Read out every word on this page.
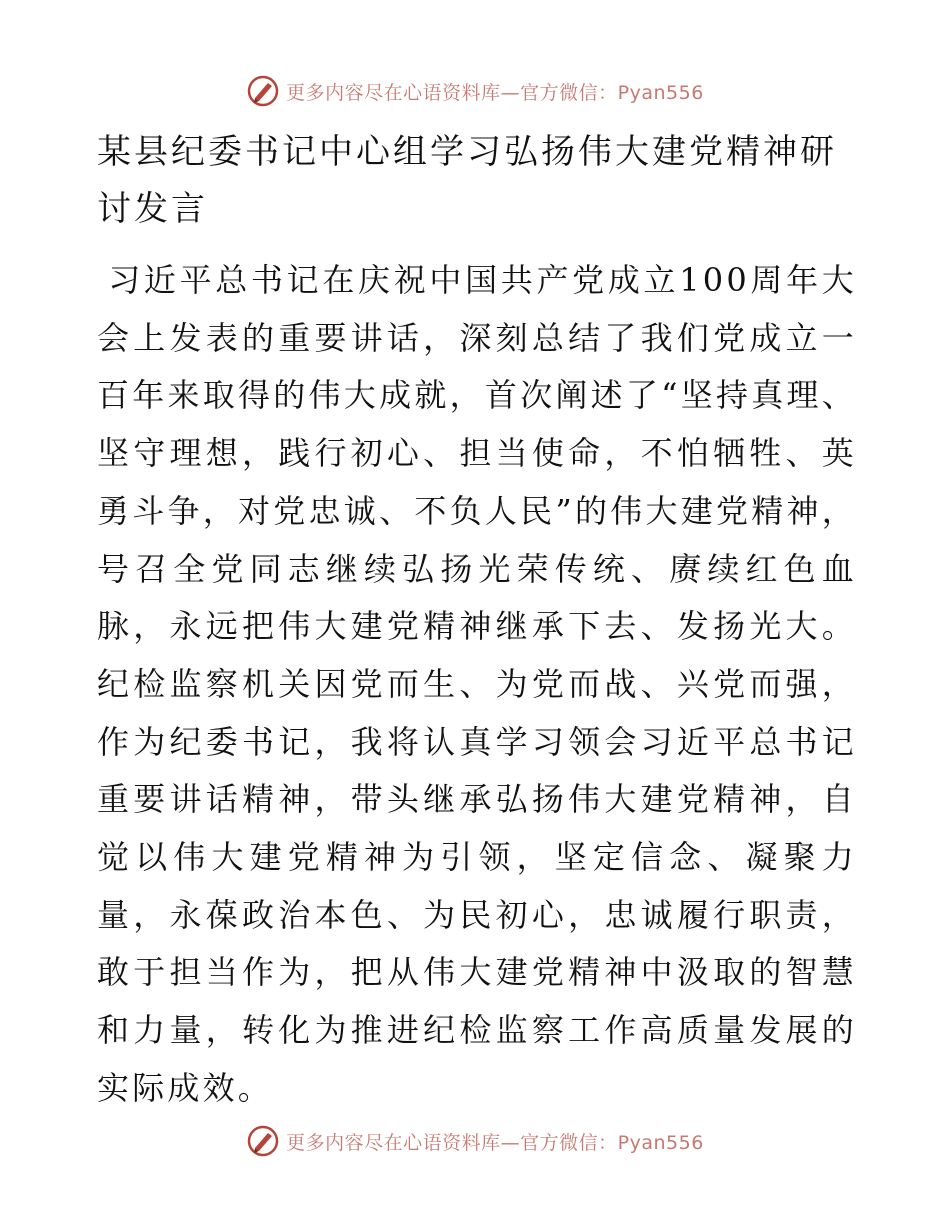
更多内容尽在心语资料库—官方微信：Pyan556
某县纪委书记中心组学习弘扬伟大建党精神研讨发言

习近平总书记在庆祝中国共产党成立100周年大会上发表的重要讲话，深刻总结了我们党成立一百年来取得的伟大成就，首次阐述了“坚持真理、坚守理想，践行初心、担当使命，不怕牺牲、英勇斗争，对党忠诚、不负人民”的伟大建党精神，号召全党同志继续弘扬光荣传统、赓续红色血脉，永远把伟大建党精神继承下去、发扬光大。纪检监察机关因党而生、为党而战、兴党而强，作为纪委书记，我将认真学习领会习近平总书记重要讲话精神，带头继承弘扬伟大建党精神，自觉以伟大建党精神为引领，坚定信念、凝聚力量，永葆政治本色、为民初心，忠诚履行职责，敢于担当作为，把从伟大建党精神中汲取的智慧和力量，转化为推进纪检监察工作高质量发展的实际成效。

更多内容尽在心语资料库—官方微信：Pyan556
